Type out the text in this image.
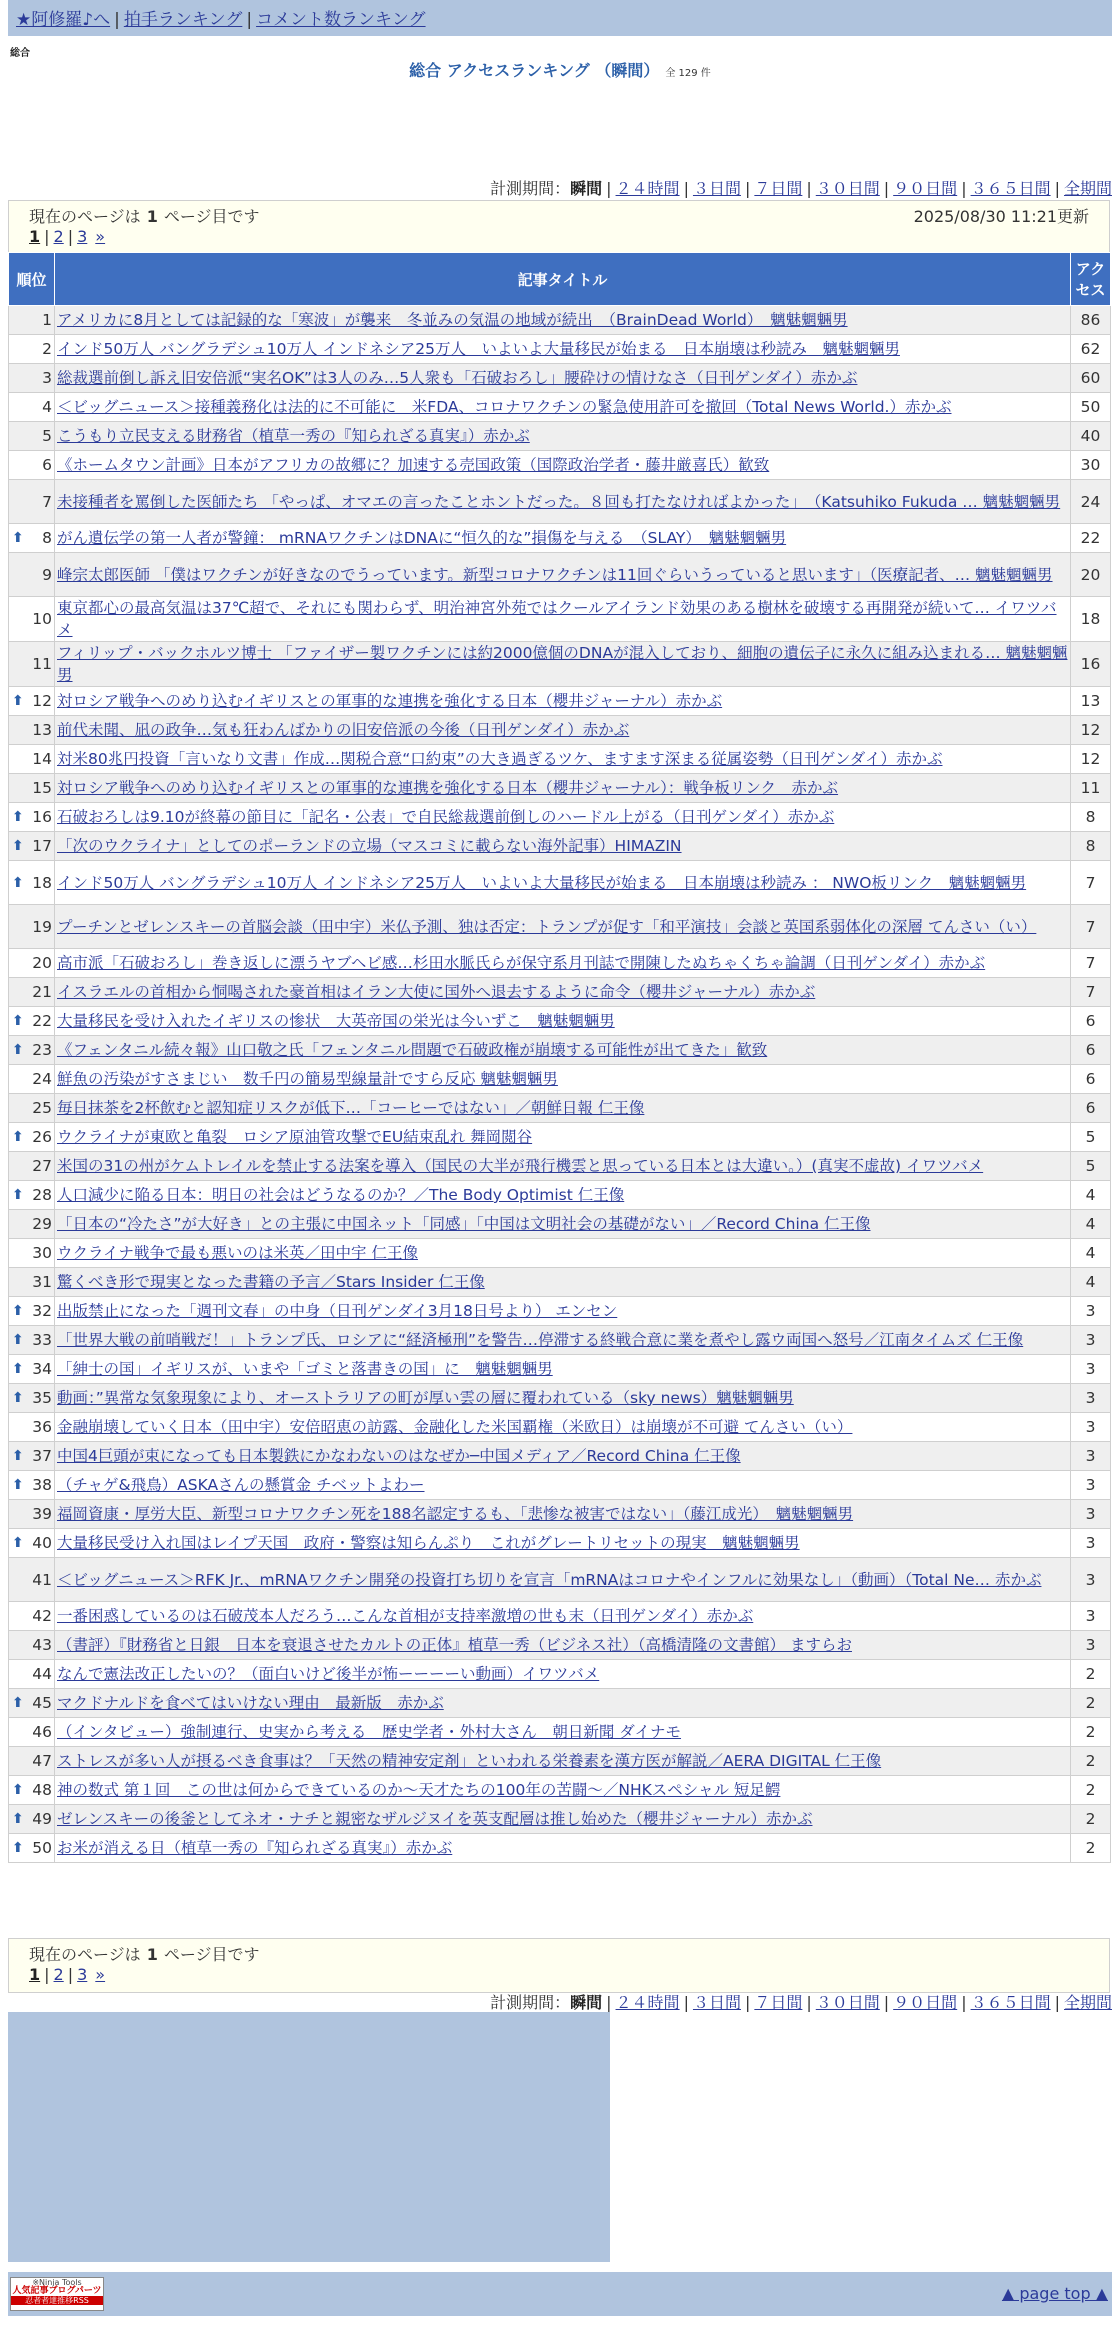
★阿修羅♪へ | 拍手ランキング | コメント数ランキング
総合
総合 アクセスランキング （瞬間） 全 129 件
計測期間：瞬間 | ２４時間 | ３日間 | ７日間 | ３０日間 | ９０日間 | ３６５日間 | 全期間
現在のページは 1 ページ目です	2025/08/30 11:21更新
1 | 2 | 3 »
順位	記事タイトル	アクセス
1	アメリカに8月としては記録的な「寒波」が襲来　冬並みの気温の地域が続出　（BrainDead World）　魑魅魍魎男	86
2	インド50万人 バングラデシュ10万人 インドネシア25万人　いよいよ大量移民が始まる　日本崩壊は秒読み　魑魅魍魎男	62
3	総裁選前倒し訴え旧安倍派“実名OK”は3人のみ…5人衆も「石破おろし」腰砕けの情けなさ（日刊ゲンダイ）赤かぶ	60
4	＜ビッグニュース＞接種義務化は法的に不可能に　米FDA、コロナワクチンの緊急使用許可を撤回（Total News World.）赤かぶ	50
5	こうもり立民支える財務省（植草一秀の『知られざる真実』）赤かぶ	40
6	《ホームタウン計画》日本がアフリカの故郷に？加速する売国政策（国際政治学者・藤井厳喜氏）歓致	30
7	未接種者を罵倒した医師たち 「やっぱ、オマエの言ったことホントだった。８回も打たなければよかった」　（Katsuhiko Fukuda … 魑魅魍魎男	24

⬆ 8	がん遺伝学の第一人者が警鐘： mRNAワクチンはDNAに“恒久的な”損傷を与える　（SLAY）　魑魅魍魎男	22
9	峰宗太郎医師 「僕はワクチンが好きなのでうっています。新型コロナワクチンは11回ぐらいうっていると思います」（医療記者、… 魑魅魍魎男	20
10	東京都心の最高気温は37℃超で、それにも関わらず、明治神宮外苑ではクールアイランド効果のある樹林を破壊する再開発が続いて… イワツバメ	18
11	フィリップ・バックホルツ博士 「ファイザー製ワクチンには約2000億個のDNAが混入しており、細胞の遺伝子に永久に組み込まれる… 魑魅魍魎男	16

⬆ 12	対ロシア戦争へのめり込むイギリスとの軍事的な連携を強化する日本（櫻井ジャーナル）赤かぶ	13
13	前代未聞、凪の政争…気も狂わんばかりの旧安倍派の今後（日刊ゲンダイ）赤かぶ	12
14	対米80兆円投資「言いなり文書」作成…関税合意“口約束”の大き過ぎるツケ、ますます深まる従属姿勢（日刊ゲンダイ）赤かぶ	12
15	対ロシア戦争へのめり込むイギリスとの軍事的な連携を強化する日本（櫻井ジャーナル）：戦争板リンク　赤かぶ	11

⬆ 16	石破おろしは9.10が終幕の節目に「記名・公表」で自民総裁選前倒しのハードル上がる（日刊ゲンダイ）赤かぶ	8

⬆ 17	「次のウクライナ」としてのポーランドの立場（マスコミに載らない海外記事）HIMAZIN	8

⬆ 18	インド50万人 バングラデシュ10万人 インドネシア25万人　いよいよ大量移民が始まる　日本崩壊は秒読み ： NWO板リンク　魑魅魍魎男	7
19	プーチンとゼレンスキーの首脳会談（田中宇）米仏予測、独は否定：トランプが促す「和平演技」会談と英国系弱体化の深層 てんさい（い）	7
20	高市派「石破おろし」巻き返しに漂うヤブヘビ感…杉田水脈氏らが保守系月刊誌で開陳したぬちゃくちゃ論調（日刊ゲンダイ）赤かぶ	7
21	イスラエルの首相から恫喝された豪首相はイラン大使に国外へ退去するように命令（櫻井ジャーナル）赤かぶ	7

⬆ 22	大量移民を受け入れたイギリスの惨状　大英帝国の栄光は今いずこ　魑魅魍魎男	6

⬆ 23	《フェンタニル続々報》山口敬之氏「フェンタニル問題で石破政権が崩壊する可能性が出てきた」歓致	6
24	鮮魚の汚染がすさまじい　数千円の簡易型線量計ですら反応 魑魅魍魎男	6
25	毎日抹茶を2杯飲むと認知症リスクが低下…「コーヒーではない」／朝鮮日報 仁王像	6

⬆ 26	ウクライナが東欧と亀裂　ロシア原油管攻撃でEU結束乱れ 舞岡閲谷	5
27	米国の31の州がケムトレイルを禁止する法案を導入（国民の大半が飛行機雲と思っている日本とは大違い。）(真実不虚故) イワツバメ	5

⬆ 28	人口減少に陥る日本：明日の社会はどうなるのか？／The Body Optimist 仁王像	4
29	「日本の“冷たさ”が大好き」との主張に中国ネット「同感」「中国は文明社会の基礎がない」／Record China 仁王像	4
30	ウクライナ戦争で最も悪いのは米英／田中宇 仁王像	4
31	驚くべき形で現実となった書籍の予言／Stars Insider 仁王像	4

⬆ 32	出版禁止になった「週刊文春」の中身（日刊ゲンダイ3月18日号より） エンセン	3

⬆ 33	「世界大戦の前哨戦だ！」トランプ氏、ロシアに“経済極刑”を警告…停滞する終戦合意に業を煮やし露ウ両国へ怒号／江南タイムズ 仁王像	3

⬆ 34	「紳士の国」イギリスが、いまや「ゴミと落書きの国」に　魑魅魍魎男	3

⬆ 35	動画：”異常な気象現象により、オーストラリアの町が厚い雲の層に覆われている（sky news）魑魅魍魎男	3
36	金融崩壊していく日本（田中宇）安倍昭恵の訪露、金融化した米国覇権（米欧日）は崩壊が不可避 てんさい（い）	3

⬆ 37	中国4巨頭が束になっても日本製鉄にかなわないのはなぜか─中国メディア／Record China 仁王像	3

⬆ 38	（チャゲ&飛鳥）ASKAさんの懸賞金 チベットよわー	3
39	福岡資康・厚労大臣、新型コロナワクチン死を188名認定するも、「悲惨な被害ではない」（藤江成光）　魑魅魍魎男	3

⬆ 40	大量移民受け入れ国はレイプ天国　政府・警察は知らんぷり　これがグレートリセットの現実　魑魅魍魎男	3
41	＜ビッグニュース＞RFK Jr.、mRNAワクチン開発の投資打ち切りを宣言「mRNAはコロナやインフルに効果なし」（動画）（Total Ne… 赤かぶ	3
42	一番困惑しているのは石破茂本人だろう…こんな首相が支持率激増の世も末（日刊ゲンダイ）赤かぶ	3
43	（書評）『財務省と日銀　日本を衰退させたカルトの正体』植草一秀（ビジネス社）（高橋清隆の文書館） ますらお	3
44	なんで憲法改正したいの？（面白いけど後半が怖ーーーーい動画）イワツバメ	2

⬆ 45	マクドナルドを食べてはいけない理由　最新版　赤かぶ	2
46	（インタビュー）強制連行、史実から考える　歴史学者・外村大さん　朝日新聞 ダイナモ	2
47	ストレスが多い人が摂るべき食事は？「天然の精神安定剤」といわれる栄養素を漢方医が解説／AERA DIGITAL 仁王像	2

⬆ 48	神の数式 第１回　この世は何からできているのか〜天才たちの100年の苦闘〜／NHKスペシャル 短足鰐	2

⬆ 49	ゼレンスキーの後釜としてネオ・ナチと親密なザルジヌイを英支配層は推し始めた（櫻井ジャーナル）赤かぶ	2

⬆ 50	お米が消える日（植草一秀の『知られざる真実』）赤かぶ	2
現在のページは 1 ページ目です
1 | 2 | 3 »
計測期間：瞬間 | ２４時間 | ３日間 | ７日間 | ３０日間 | ９０日間 | ３６５日間 | 全期間
※Ninja Tools
人気記事ブログパーツ
忍者者達推移RSS	▲ page top ▲
